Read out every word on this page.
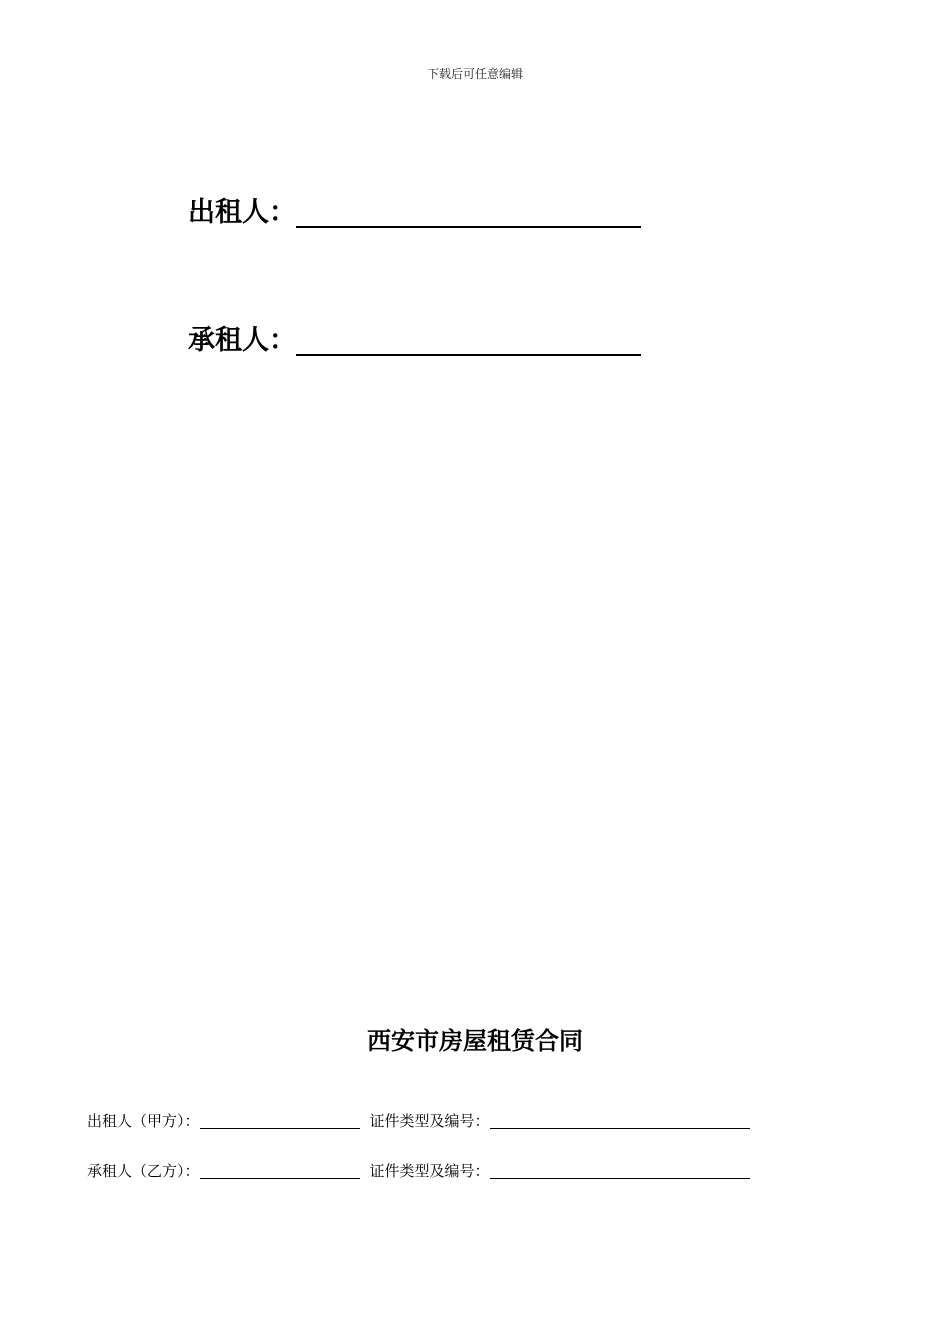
下载后可任意编辑
出租人：
承租人：
西安市房屋租赁合同
出租人（甲方）：	证件类型及编号：
承租人（乙方）：	证件类型及编号：
